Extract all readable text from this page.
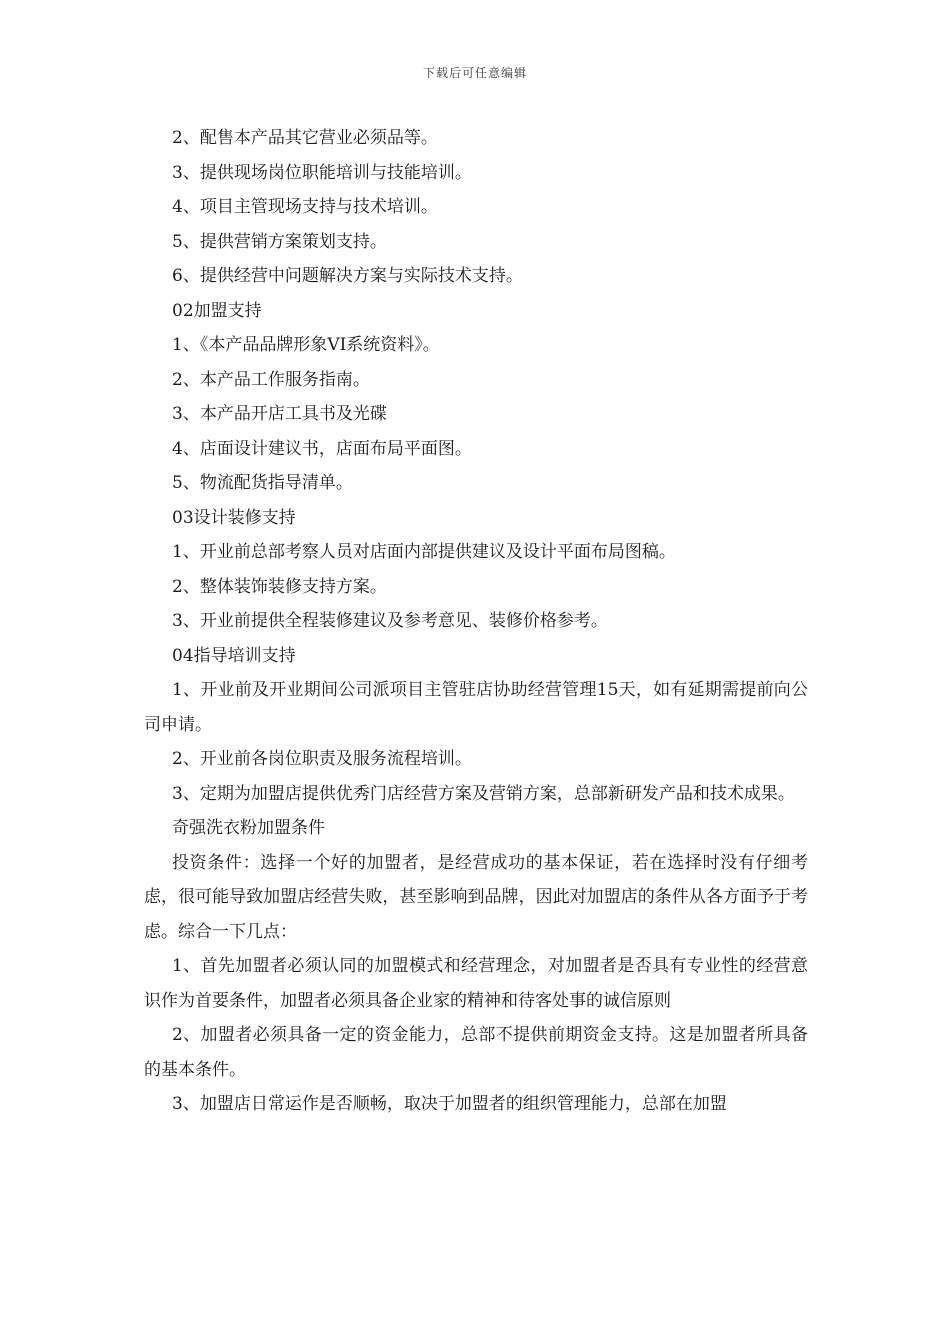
下载后可任意编辑

2、配售本产品其它营业必须品等。

3、提供现场岗位职能培训与技能培训。

4、项目主管现场支持与技术培训。

5、提供营销方案策划支持。

6、提供经营中问题解决方案与实际技术支持。

02加盟支持

1、《本产品品牌形象VI系统资料》。

2、本产品工作服务指南。

3、本产品开店工具书及光碟

4、店面设计建议书，店面布局平面图。

5、物流配货指导清单。

03设计装修支持

1、开业前总部考察人员对店面内部提供建议及设计平面布局图稿。

2、整体装饰装修支持方案。

3、开业前提供全程装修建议及参考意见、装修价格参考。

04指导培训支持

1、开业前及开业期间公司派项目主管驻店协助经营管理15天，如有延期需提前向公司申请。

2、开业前各岗位职责及服务流程培训。

3、定期为加盟店提供优秀门店经营方案及营销方案，总部新研发产品和技术成果。

奇强洗衣粉加盟条件

投资条件：选择一个好的加盟者，是经营成功的基本保证，若在选择时没有仔细考虑，很可能导致加盟店经营失败，甚至影响到品牌，因此对加盟店的条件从各方面予于考虑。综合一下几点：

1、首先加盟者必须认同的加盟模式和经营理念，对加盟者是否具有专业性的经营意识作为首要条件，加盟者必须具备企业家的精神和待客处事的诚信原则

2、加盟者必须具备一定的资金能力，总部不提供前期资金支持。这是加盟者所具备的基本条件。

3、加盟店日常运作是否顺畅，取决于加盟者的组织管理能力，总部在加盟
